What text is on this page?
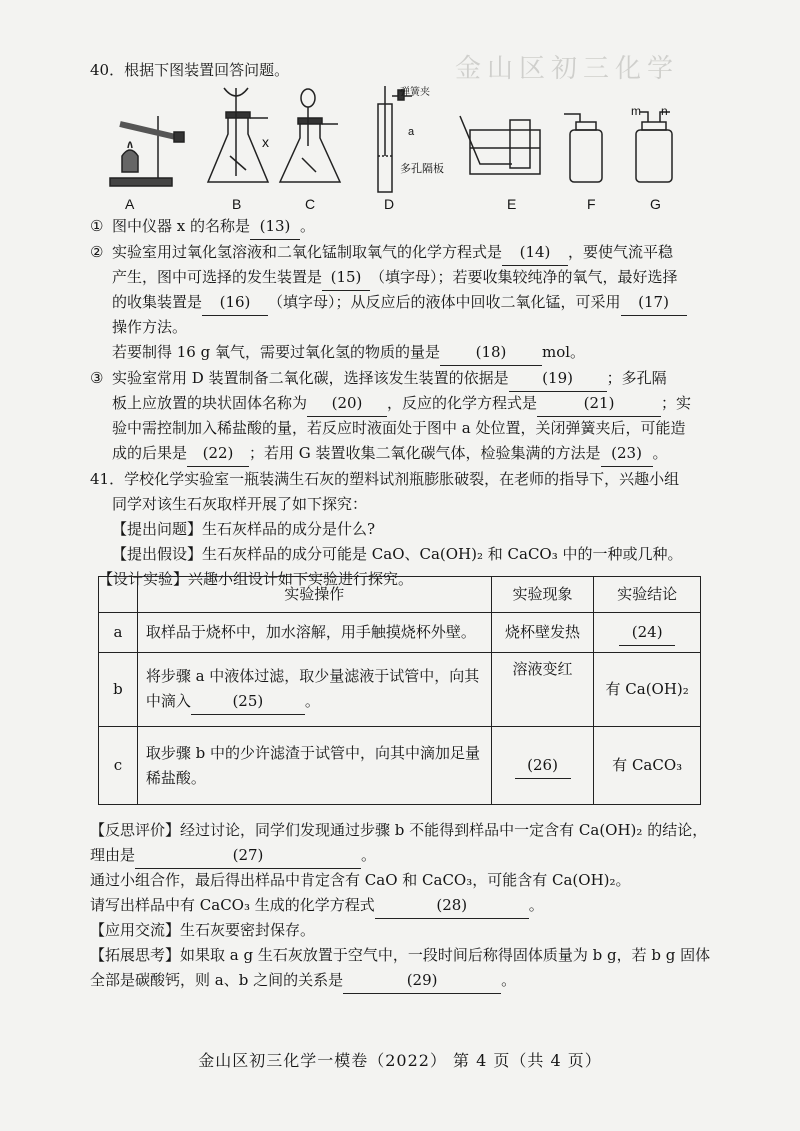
金山区初三化学
40．根据下图装置回答问题。
x
弹簧夹
a
多孔隔板
m n
A	B	C	D	E	F	G
① 图中仪器 x 的名称是 (13) 。
② 实验室用过氧化氢溶液和二氧化锰制取氧气的化学方程式是 (14) ，要使气流平稳
产生，图中可选择的发生装置是 (15) （填字母）；若要收集较纯净的氧气，最好选择
的收集装置是 (16) （填字母）；从反应后的液体中回收二氧化锰，可采用 (17)
操作方法。
若要制得 16 g 氧气，需要过氧化氢的物质的量是 (18) mol。
③ 实验室常用 D 装置制备二氧化碳，选择该发生装置的依据是 (19) ；多孔隔
板上应放置的块状固体名称为 (20) ，反应的化学方程式是	(21)	；实
验中需控制加入稀盐酸的量，若反应时液面处于图中 a 处位置，关闭弹簧夹后，可能造
成的后果是 (22) ；若用 G 装置收集二氧化碳气体，检验集满的方法是 (23) 。
41．学校化学实验室一瓶装满生石灰的塑料试剂瓶膨胀破裂，在老师的指导下，兴趣小组
同学对该生石灰取样开展了如下探究：
【提出问题】生石灰样品的成分是什么?
【提出假设】生石灰样品的成分可能是 CaO、Ca(OH)₂ 和 CaCO₃ 中的一种或几种。
【设计实验】兴趣小组设计如下实验进行探究。
	实验操作	实验现象	实验结论
a	取样品于烧杯中，加水溶解，用手触摸烧杯外壁。	烧杯壁发热	(24)
b	将步骤 a 中液体过滤，取少量滤液于试管中，向其
中滴入 (25) 。	溶液变红	有 Ca(OH)₂
c	取步骤 b 中的少许滤渣于试管中，向其中滴加足量
稀盐酸。	(26)	有 CaCO₃
【反思评价】经过讨论，同学们发现通过步骤 b 不能得到样品中一定含有 Ca(OH)₂ 的结论，
理由是	(27)	。
通过小组合作，最后得出样品中肯定含有 CaO 和 CaCO₃，可能含有 Ca(OH)₂。
请写出样品中有 CaCO₃ 生成的化学方程式	(28)	。
【应用交流】生石灰要密封保存。
【拓展思考】如果取 a g 生石灰放置于空气中，一段时间后称得固体质量为 b g，若 b g 固体
全部是碳酸钙，则 a、b 之间的关系是	(29)	。
金山区初三化学一模卷（2022） 第 4 页（共 4 页）
